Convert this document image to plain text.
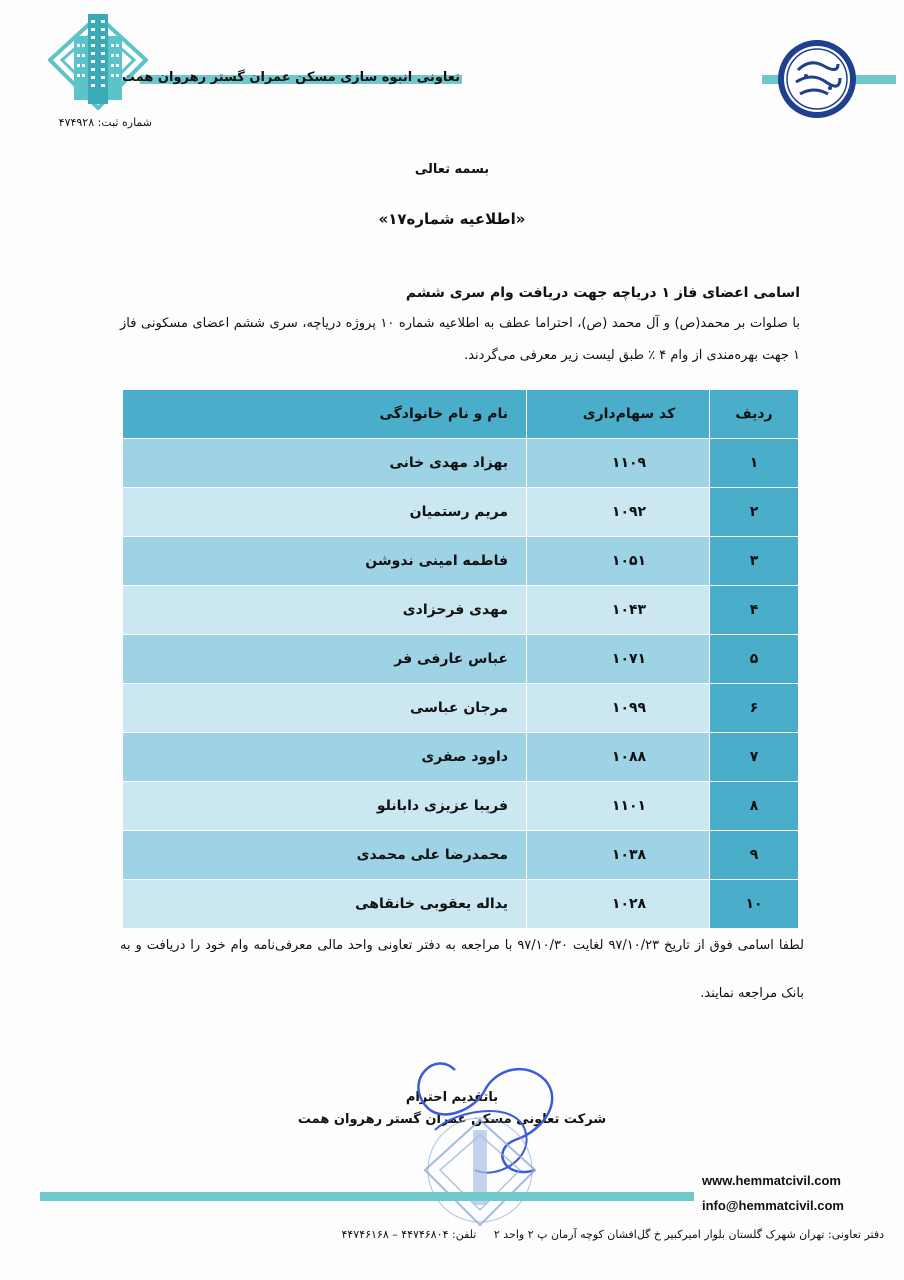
تعاونی انبوه سازی مسکن عمران گستر رهروان همت
شماره ثبت: ۴۷۴۹۲۸
بسمه تعالی
«اطلاعیه شماره۱۷»
اسامی اعضای فاز ۱ دریاچه جهت دریافت وام سری ششم
با صلوات بر محمد(ص) و آل محمد (ص)، احتراما عطف به اطلاعیه شماره ۱۰ پروژه دریاچه، سری ششم اعضای مسکونی فاز ۱ جهت بهره‌مندی از وام ۴ ٪ طبق لیست زیر معرفی می‌گردند.
ردیف	کد سهام‌داری	نام و نام خانوادگی
۱	۱۱۰۹	بهزاد مهدی خانی
۲	۱۰۹۲	مریم رستمیان
۳	۱۰۵۱	فاطمه امینی ندوشن
۴	۱۰۴۳	مهدی فرحزادی
۵	۱۰۷۱	عباس عارفی فر
۶	۱۰۹۹	مرجان عباسی
۷	۱۰۸۸	داوود صفری
۸	۱۱۰۱	فریبا عزیزی دابانلو
۹	۱۰۳۸	محمدرضا علی محمدی
۱۰	۱۰۲۸	یداله یعقوبی خانقاهی
لطفا اسامی فوق از تاریخ ۹۷/۱۰/۲۳ لغایت ۹۷/۱۰/۳۰ با مراجعه به دفتر تعاونی واحد مالی معرفی‌نامه وام خود را دریافت و به بانک مراجعه نمایند.
باتقدیم احترام
شرکت تعاونی مسکن عمران گستر رهروان همت
www.hemmatcivil.com
info@hemmatcivil.com
دفتر تعاونی: تهران شهرک گلستان بلوار امیرکبیر خ گل‌افشان کوچه آرمان پ ۲ واحد ۲ تلفن: ۴۴۷۴۶۸۰۴ – ۴۴۷۴۶۱۶۸
